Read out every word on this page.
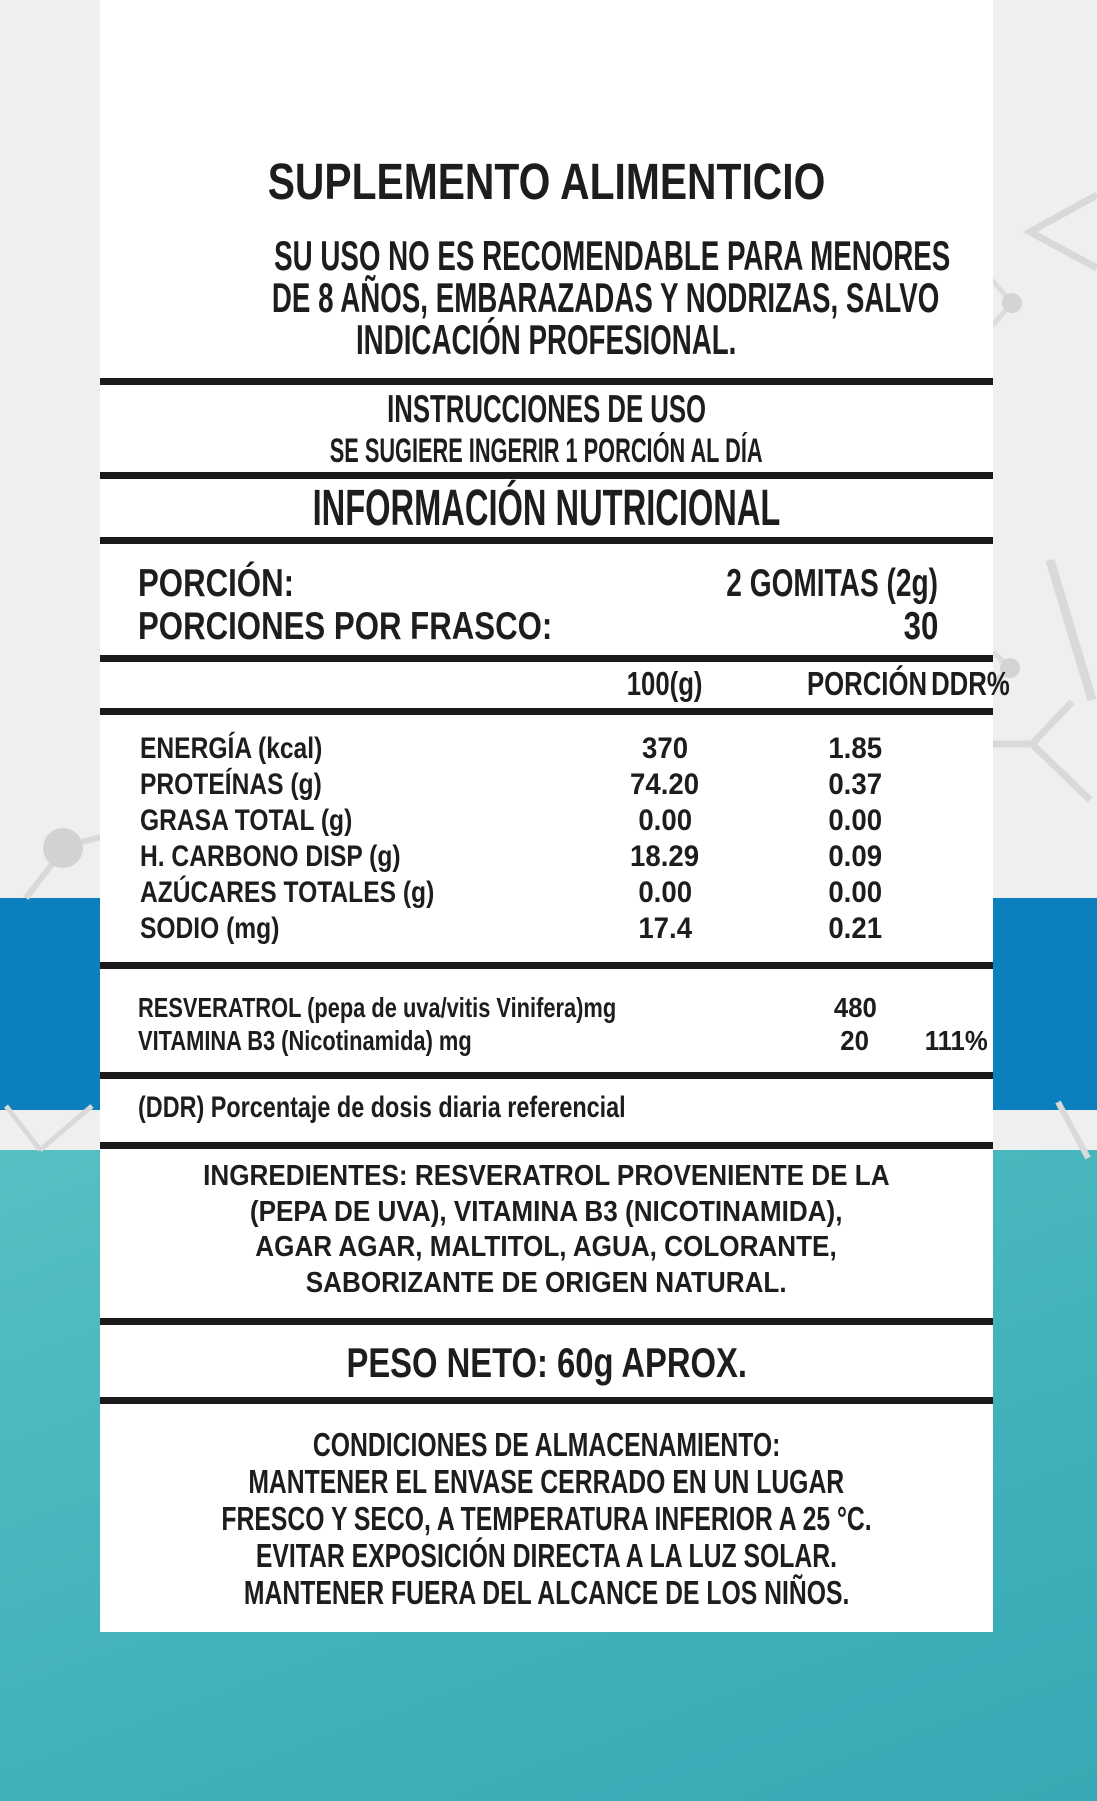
SUPLEMENTO ALIMENTICIO
SU USO NO ES RECOMENDABLE PARA MENORES
DE 8 AÑOS, EMBARAZADAS Y NODRIZAS, SALVO
INDICACIÓN PROFESIONAL.
INSTRUCCIONES DE USO
SE SUGIERE INGERIR 1 PORCIÓN AL DÍA
INFORMACIÓN NUTRICIONAL
PORCIÓN:	2 GOMITAS (2g)
PORCIONES POR FRASCO:	30
100(g)	PORCIÓN DDR%
ENERGÍA (kcal)	370	1.85
PROTEÍNAS (g)	74.20	0.37
GRASA TOTAL (g)	0.00	0.00
H. CARBONO DISP (g)	18.29	0.09
AZÚCARES TOTALES (g)	0.00	0.00
SODIO (mg)	17.4	0.21
RESVERATROL (pepa de uva/vitis Vinifera)mg	480
VITAMINA B3 (Nicotinamida) mg	20	111%
(DDR) Porcentaje de dosis diaria referencial
INGREDIENTES: RESVERATROL PROVENIENTE DE LA
(PEPA DE UVA), VITAMINA B3 (NICOTINAMIDA),
AGAR AGAR, MALTITOL, AGUA, COLORANTE,
SABORIZANTE DE ORIGEN NATURAL.
PESO NETO: 60g APROX.
CONDICIONES DE ALMACENAMIENTO:
MANTENER EL ENVASE CERRADO EN UN LUGAR
FRESCO Y SECO, A TEMPERATURA INFERIOR A 25 °C.
EVITAR EXPOSICIÓN DIRECTA A LA LUZ SOLAR.
MANTENER FUERA DEL ALCANCE DE LOS NIÑOS.
